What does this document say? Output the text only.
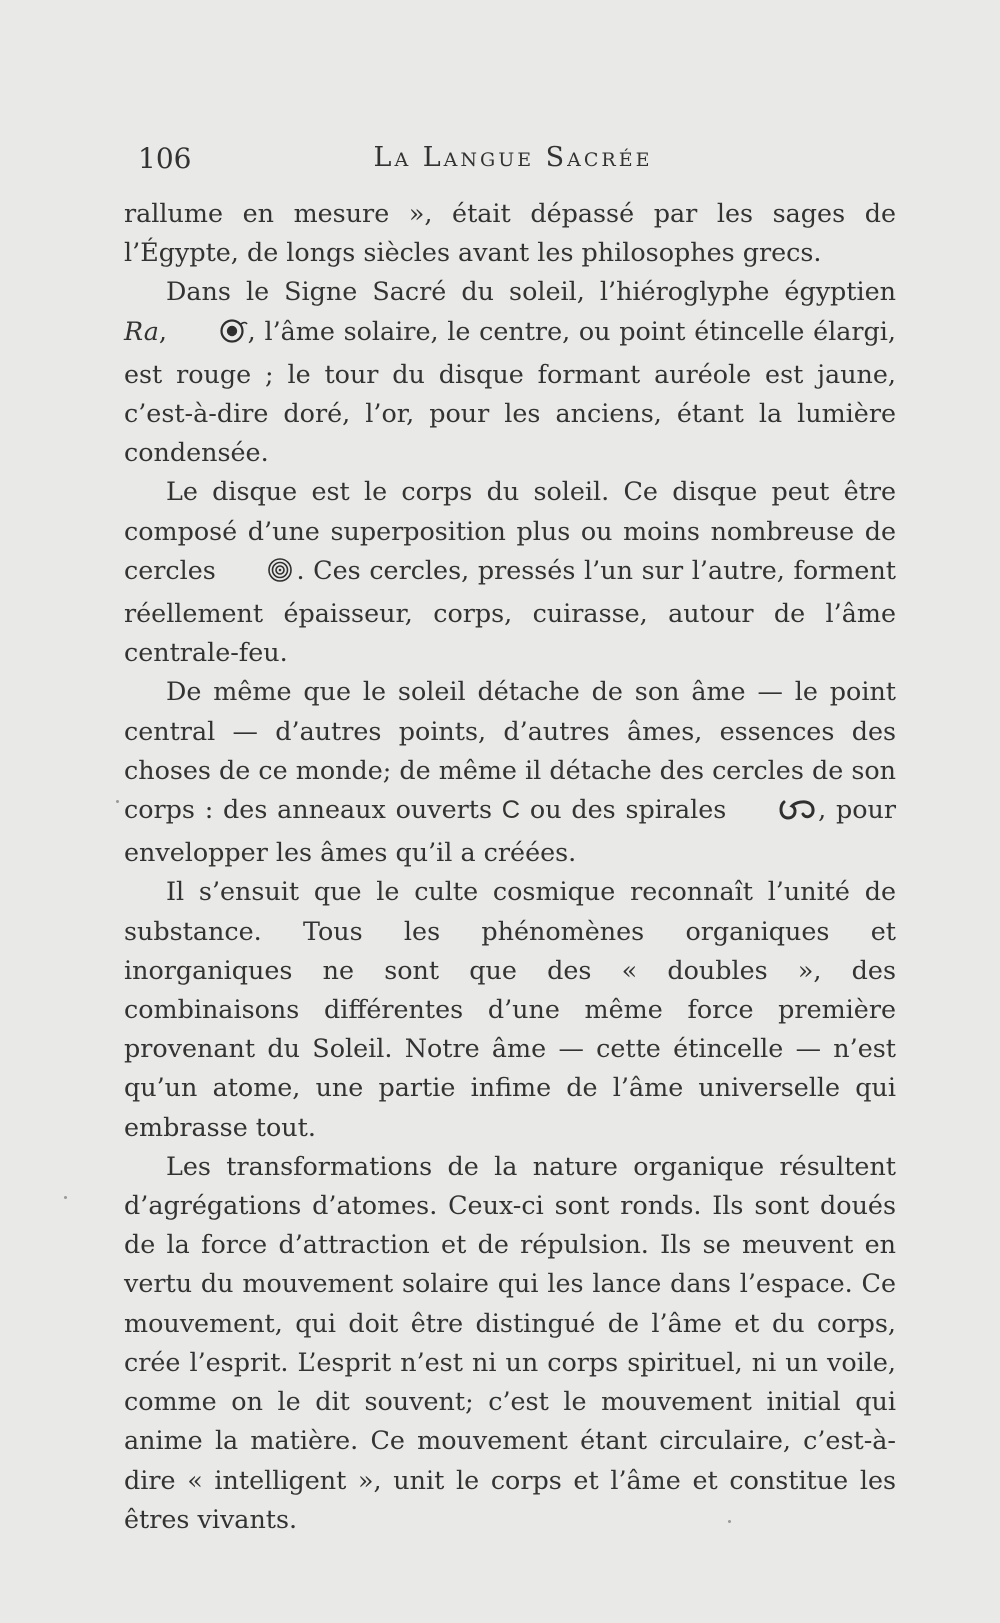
106	La Langue Sacrée

rallume en mesure », était dépassé par les sages de l’Égypte, de longs siècles avant les philosophes grecs.

Dans le Signe Sacré du soleil, l’hiéroglyphe égyptien Ra,	, l’âme solaire, le centre, ou point étincelle élargi, est rouge ; le tour du disque formant auréole est jaune, c’est-à-dire doré, l’or, pour les anciens, étant la lumière condensée.

Le disque est le corps du soleil. Ce disque peut être composé d’une superposition plus ou moins nombreuse de cercles	. Ces cercles, pressés l’un sur l’autre, forment réellement épaisseur, corps, cuirasse, autour de l’âme centrale-feu.

De même que le soleil détache de son âme — le point central — d’autres points, d’autres âmes, essences des choses de ce monde; de même il détache des cercles de son corps : des anneaux ouverts C ou des spirales	, pour envelopper les âmes qu’il a créées.

Il s’ensuit que le culte cosmique reconnaît l’unité de substance. Tous les phénomènes organiques et inorganiques ne sont que des « doubles », des combinaisons différentes d’une même force première provenant du Soleil. Notre âme — cette étincelle — n’est qu’un atome, une partie infime de l’âme universelle qui embrasse tout.

Les transformations de la nature organique résultent d’agrégations d’atomes. Ceux-ci sont ronds. Ils sont doués de la force d’attraction et de répulsion. Ils se meuvent en vertu du mouvement solaire qui les lance dans l’espace. Ce mouvement, qui doit être distingué de l’âme et du corps, crée l’esprit. L’esprit n’est ni un corps spirituel, ni un voile, comme on le dit souvent; c’est le mouvement initial qui anime la matière. Ce mouvement étant circulaire, c’est-à-dire « intelligent », unit le corps et l’âme et constitue les êtres vivants.
